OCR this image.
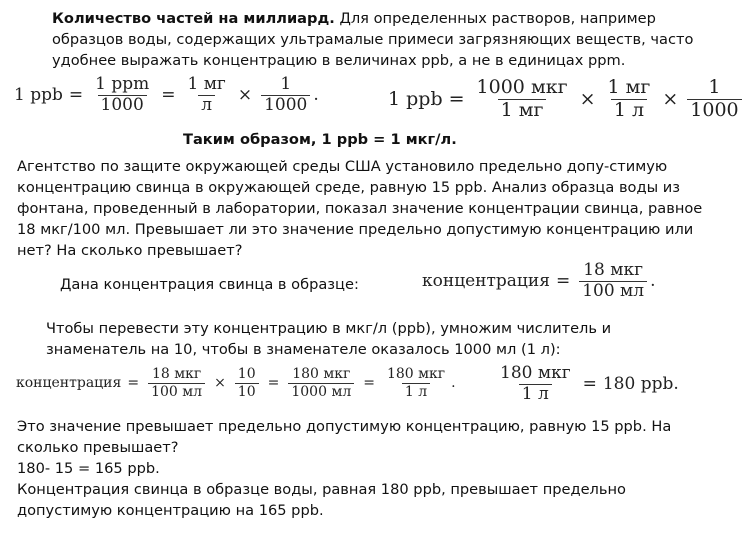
Количество частей на миллиард. Для определенных растворов, например
образцов воды, содержащих ультрамалые примеси загрязняющих веществ, часто
удобнее выражать концентрацию в величинах ppb, а не в единицах ppm.

1 ppb = $\frac{\text{1 ppm}}{1000} = \frac{1 мг}{л} \times \frac{1}{1000}$ .	1 ppb = $\frac{\text{1000 мкг}}{1 мг} \times \frac{1 мг}{1 л} \times \frac{1}{1000}$

Таким образом, 1 ppb = 1 мкг/л.

Агентство по защите окружающей среды США установило предельно допу-стимую
концентрацию свинца в окружающей среде, равную 15 ppb. Анализ образца воды из
фонтана, проведенный в лаборатории, показал значение концентрации свинца, равное
18 мкг/100 мл. Превышает ли это значение предельно допустимую концентрацию или
нет? На сколько превышает?

Дана концентрация свинца в образце:	концентрация = $\frac{\text{18 мкг}}{100 мл}$ .

Чтобы перевести эту концентрацию в мкг/л (ppb), умножим числитель и
знаменатель на 10, чтобы в знаменателе оказалось 1000 мл (1 л):

концентрация = $\frac{\text{18 мкг}}{100 мл} \times \frac{10}{10} = \frac{\text{180 мкг}}{1000 мл} = \frac{\text{180 мкг}}{1 л}$ . $\frac{\text{180 мкг}}{1 л} = 180$ ppb.

Это значение превышает предельно допустимую концентрацию, равную 15 ppb. На
сколько превышает?
180- 15 = 165 ppb.
Концентрация свинца в образце воды, равная 180 ppb, превышает предельно
допустимую концентрацию на 165 ppb.
